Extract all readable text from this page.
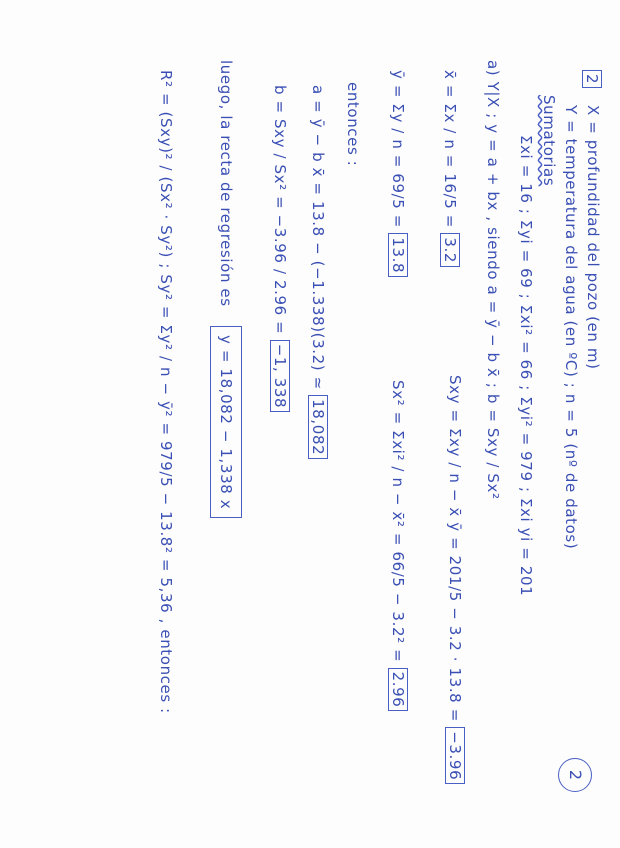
2
X = profundidad del pozo (en m)
Y = temperatura del agua (en ºC) ; n = 5 (nº de datos)
Sumatorias
Σxi = 16 ; Σyi = 69 ; Σxi² = 66 ; Σyi² = 979 ; Σxi yi = 201
a) Y|X ; y = a + bx , siendo a = ȳ − b x̄ ; b = Sxy / Sx²
x̄ = Σx / n = 16/5 = 3.2
Sxy = Σxy / n − x̄ ȳ = 201/5 − 3.2 · 13.8 = −3.96
ȳ = Σy / n = 69/5 = 13.8
Sx² = Σxi² / n − x̄² = 66/5 − 3.2² = 2.96
entonces :
a = ȳ − b x̄ = 13.8 − (−1.338)(3.2) ≃ 18,082
b = Sxy / Sx² = −3.96 / 2.96 = −1, 338
luego, la recta de regresión es y = 18,082 − 1,338 x
R² = (Sxy)² / (Sx² · Sy²) ; Sy² = Σy² / n − ȳ² = 979/5 − 13.8² = 5,36 , entonces :
2
